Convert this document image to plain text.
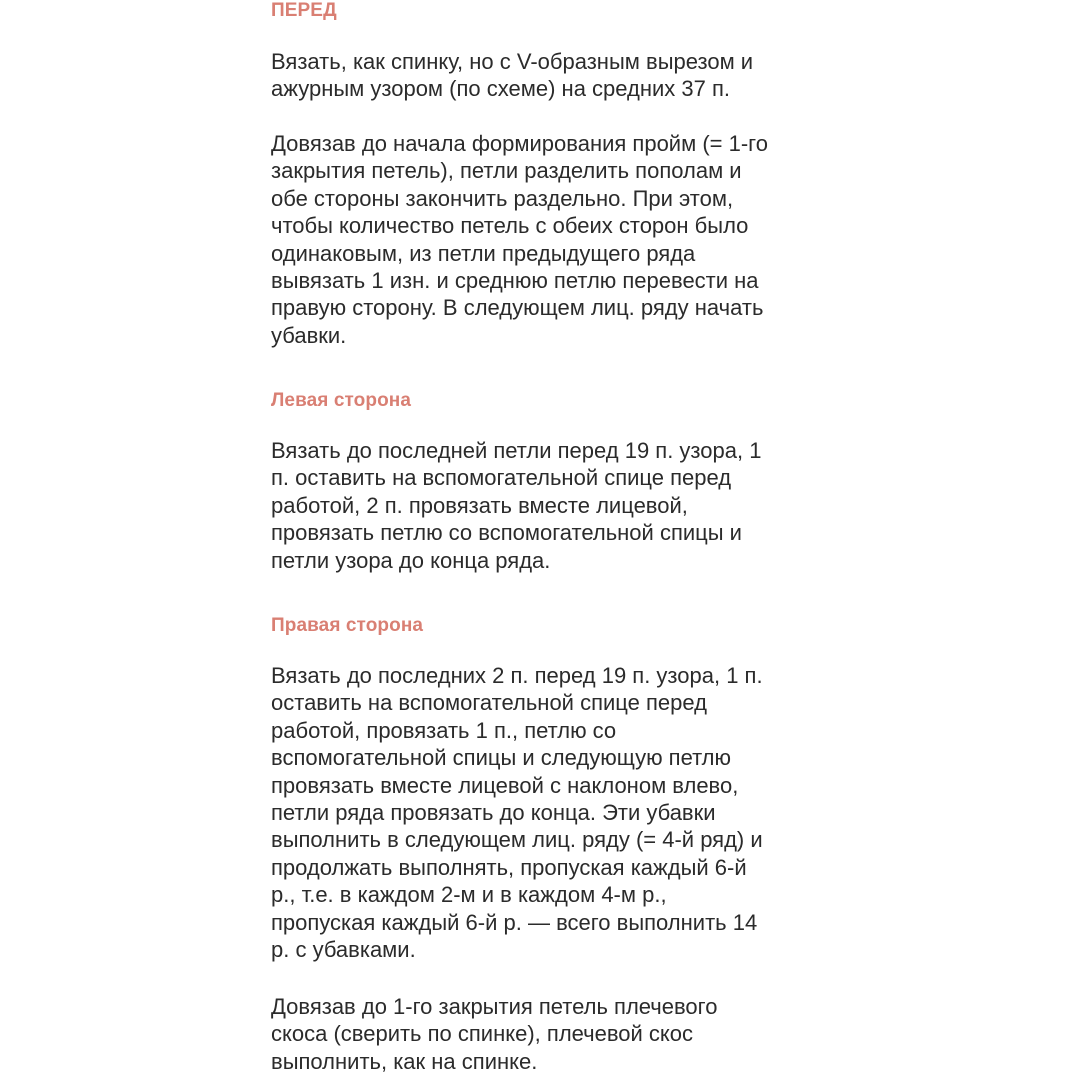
ПЕРЕД
Вязать, как спинку, но с V-образным вырезом и
ажурным узором (по схеме) на средних 37 п.
Довязав до начала формирования пройм (= 1-го
закрытия петель), петли разделить пополам и
обе стороны закончить раздельно. При этом,
чтобы количество петель с обеих сторон было
одинаковым, из петли предыдущего ряда
вывязать 1 изн. и среднюю петлю перевести на
правую сторону. В следующем лиц. ряду начать
убавки.
Левая сторона
Вязать до последней петли перед 19 п. узора, 1
п. оставить на вспомогательной спице перед
работой, 2 п. провязать вместе лицевой,
провязать петлю со вспомогательной спицы и
петли узора до конца ряда.
Правая сторона
Вязать до последних 2 п. перед 19 п. узора, 1 п.
оставить на вспомогательной спице перед
работой, провязать 1 п., петлю со
вспомогательной спицы и следующую петлю
провязать вместе лицевой с наклоном влево,
петли ряда провязать до конца. Эти убавки
выполнить в следующем лиц. ряду (= 4-й ряд) и
продолжать выполнять, пропуская каждый 6-й
р., т.е. в каждом 2-м и в каждом 4-м р.,
пропуская каждый 6-й р. — всего выполнить 14
р. с убавками.
Довязав до 1-го закрытия петель плечевого
скоса (сверить по спинке), плечевой скос
выполнить, как на спинке.
